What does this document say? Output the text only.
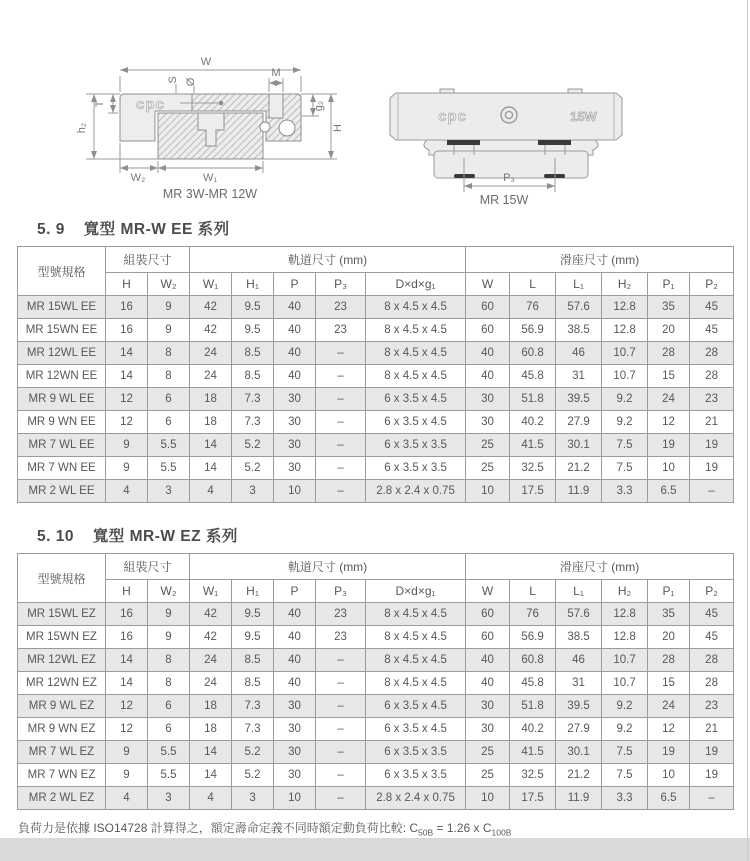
W
M
S Ø
T
h₂
g₂
H
W₂	W₁
cpc
MR 3W-MR 12W
cpc	15W
P₃
MR 15W
5. 9 寬型 MR-W EE 系列
型號規格	組裝尺寸		軌道尺寸 (mm)					滑座尺寸 (mm)					
	H	W₂	W₁	H₁	P	P₃	D×d×g₁	W	L	L₁	H₂	P₁	P₂
MR 15WL EE	16	9	42	9.5	40	23	8 x 4.5 x 4.5	60	76	57.6	12.8	35	45
MR 15WN EE	16	9	42	9.5	40	23	8 x 4.5 x 4.5	60	56.9	38.5	12.8	20	45
MR 12WL EE	14	8	24	8.5	40	–	8 x 4.5 x 4.5	40	60.8	46	10.7	28	28
MR 12WN EE	14	8	24	8.5	40	–	8 x 4.5 x 4.5	40	45.8	31	10.7	15	28
MR 9 WL EE	12	6	18	7.3	30	–	6 x 3.5 x 4.5	30	51.8	39.5	9.2	24	23
MR 9 WN EE	12	6	18	7.3	30	–	6 x 3.5 x 4.5	30	40.2	27.9	9.2	12	21
MR 7 WL EE	9	5.5	14	5.2	30	–	6 x 3.5 x 3.5	25	41.5	30.1	7.5	19	19
MR 7 WN EE	9	5.5	14	5.2	30	–	6 x 3.5 x 3.5	25	32.5	21.2	7.5	10	19
MR 2 WL EE	4	3	4	3	10	–	2.8 x 2.4 x 0.75	10	17.5	11.9	3.3	6.5	–
5. 10 寬型 MR-W EZ 系列
型號規格	組裝尺寸		軌道尺寸 (mm)					滑座尺寸 (mm)					
	H	W₂	W₁	H₁	P	P₃	D×d×g₁	W	L	L₁	H₂	P₁	P₂
MR 15WL EZ	16	9	42	9.5	40	23	8 x 4.5 x 4.5	60	76	57.6	12.8	35	45
MR 15WN EZ	16	9	42	9.5	40	23	8 x 4.5 x 4.5	60	56.9	38.5	12.8	20	45
MR 12WL EZ	14	8	24	8.5	40	–	8 x 4.5 x 4.5	40	60.8	46	10.7	28	28
MR 12WN EZ	14	8	24	8.5	40	–	8 x 4.5 x 4.5	40	45.8	31	10.7	15	28
MR 9 WL EZ	12	6	18	7.3	30	–	6 x 3.5 x 4.5	30	51.8	39.5	9.2	24	23
MR 9 WN EZ	12	6	18	7.3	30	–	6 x 3.5 x 4.5	30	40.2	27.9	9.2	12	21
MR 7 WL EZ	9	5.5	14	5.2	30	–	6 x 3.5 x 3.5	25	41.5	30.1	7.5	19	19
MR 7 WN EZ	9	5.5	14	5.2	30	–	6 x 3.5 x 3.5	25	32.5	21.2	7.5	10	19
MR 2 WL EZ	4	3	4	3	10	–	2.8 x 2.4 x 0.75	10	17.5	11.9	3.3	6.5	–
負荷力是依據 ISO14728 計算得之，額定壽命定義不同時額定動負荷比較: $C_{50B} = 1.26$ x $C_{100B}$
